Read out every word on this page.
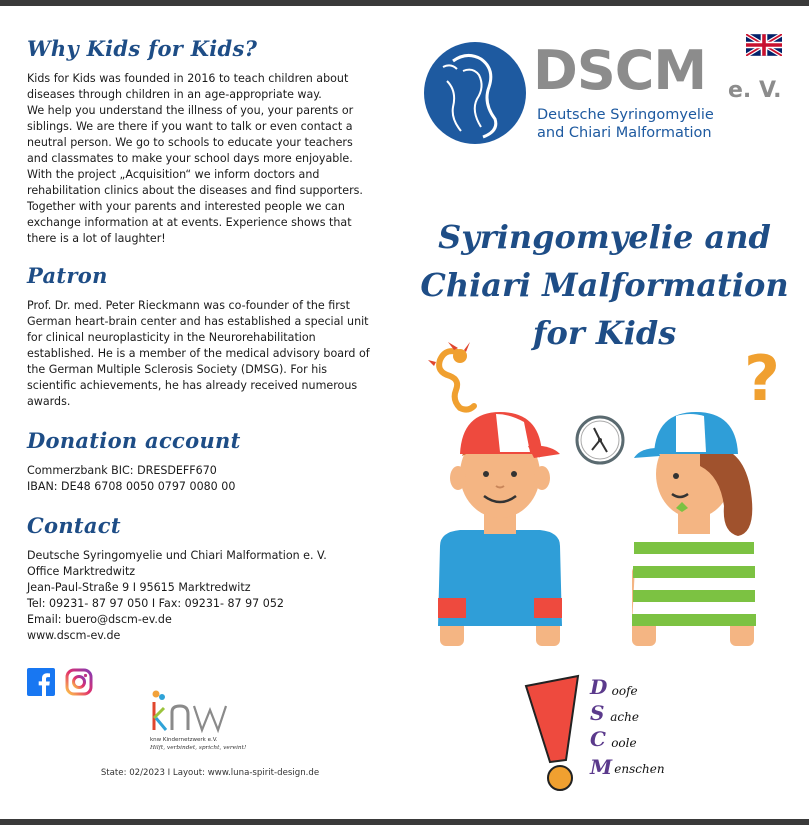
Why Kids for Kids?

Kids for Kids was founded in 2016 to teach children about
diseases through children in an age-appropriate way.
We help you understand the illness of you, your parents or
siblings. We are there if you want to talk or even contact a
neutral person. We go to schools to educate your teachers
and classmates to make your school days more enjoyable.
With the project „Acquisition“ we inform doctors and
rehabilitation clinics about the diseases and find supporters.
Together with your parents and interested people we can
exchange information at at events. Experience shows that
there is a lot of laughter!

Patron

Prof. Dr. med. Peter Rieckmann was co-founder of the first
German heart-brain center and has established a special unit
for clinical neuroplasticity in the Neurorehabilitation
established. He is a member of the medical advisory board of
the German Multiple Sclerosis Society (DMSG). For his
scientific achievements, he has already received numerous
awards.

Donation account

Commerzbank BIC: DRESDEFF670
IBAN: DE48 6708 0050 0797 0080 00

Contact

Deutsche Syringomyelie und Chiari Malformation e. V.
Office Marktredwitz
Jean-Paul-Straße 9 I 95615 Marktredwitz
Tel: 09231- 87 97 050 I Fax: 09231- 87 97 052
Email: buero@dscm-ev.de
www.dscm-ev.de

knw Kindernetzwerk e.V.
Hilft, verbindet, spricht, vereint!
State: 02/2023 I Layout: www.luna-spirit-design.de
DSCM e. V.
Deutsche Syringomyelie
and Chiari Malformation
Syringomyelie and
Chiari Malformation
for Kids
?
D
S
C
M
oofe
ache
oole
enschen
